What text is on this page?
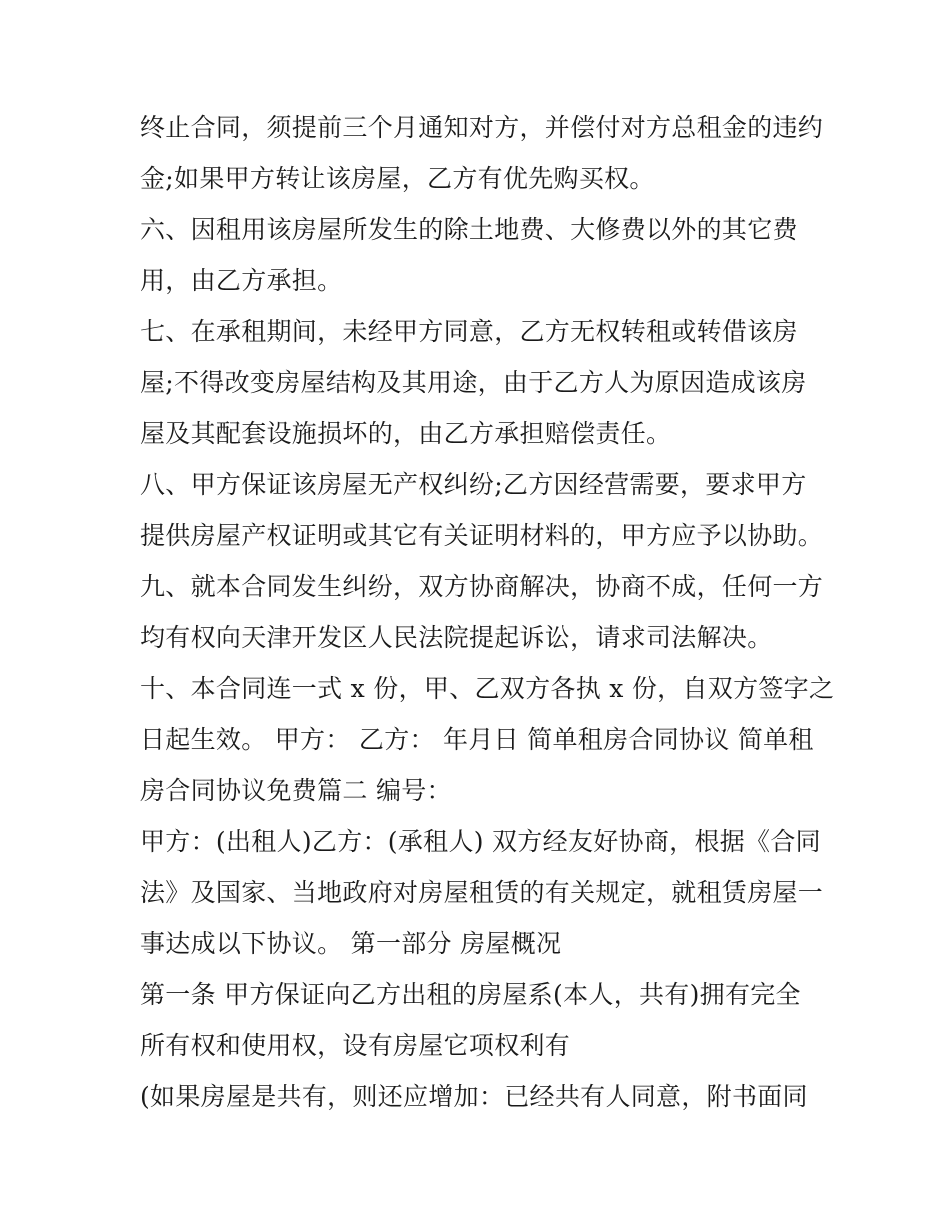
终止合同，须提前三个月通知对方，并偿付对方总租金的违约
金;如果甲方转让该房屋，乙方有优先购买权。
六、因租用该房屋所发生的除土地费、大修费以外的其它费
用，由乙方承担。
七、在承租期间，未经甲方同意，乙方无权转租或转借该房
屋;不得改变房屋结构及其用途，由于乙方人为原因造成该房
屋及其配套设施损坏的，由乙方承担赔偿责任。
八、甲方保证该房屋无产权纠纷;乙方因经营需要，要求甲方
提供房屋产权证明或其它有关证明材料的，甲方应予以协助。
九、就本合同发生纠纷，双方协商解决，协商不成，任何一方
均有权向天津开发区人民法院提起诉讼，请求司法解决。
十、本合同连一式 x 份，甲、乙双方各执 x 份，自双方签字之
日起生效。 甲方： 乙方： 年月日 简单租房合同协议 简单租
房合同协议免费篇二 编号：
甲方：(出租人)乙方：(承租人) 双方经友好协商，根据《合同
法》及国家、当地政府对房屋租赁的有关规定，就租赁房屋一
事达成以下协议。 第一部分 房屋概况
第一条 甲方保证向乙方出租的房屋系(本人，共有)拥有完全
所有权和使用权，设有房屋它项权利有
(如果房屋是共有，则还应增加：已经共有人同意，附书面同
